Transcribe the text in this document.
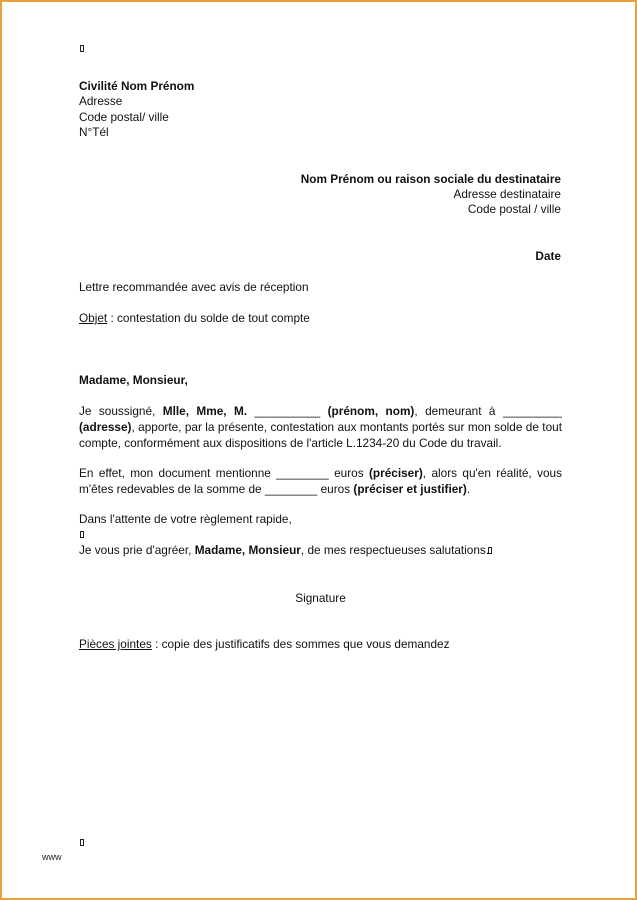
Civilité Nom Prénom
Adresse
Code postal/ ville
N°Tél
Nom Prénom ou raison sociale du destinataire
Adresse destinataire
Code postal / ville
Date
Lettre recommandée avec avis de réception
Objet : contestation du solde de tout compte
Madame, Monsieur,
Je soussigné, Mlle, Mme, M. __________ (prénom, nom), demeurant à _________ (adresse), apporte, par la présente, contestation aux montants portés sur mon solde de tout compte, conformément aux dispositions de l'article L.1234-20 du Code du travail.
En effet, mon document mentionne ________ euros (préciser), alors qu'en réalité, vous m'êtes redevables de la somme de ________ euros (préciser et justifier).
Dans l'attente de votre règlement rapide,
Je vous prie d'agréer, Madame, Monsieur, de mes respectueuses salutations.
Signature
Pièces jointes : copie des justificatifs des sommes que vous demandez
www
